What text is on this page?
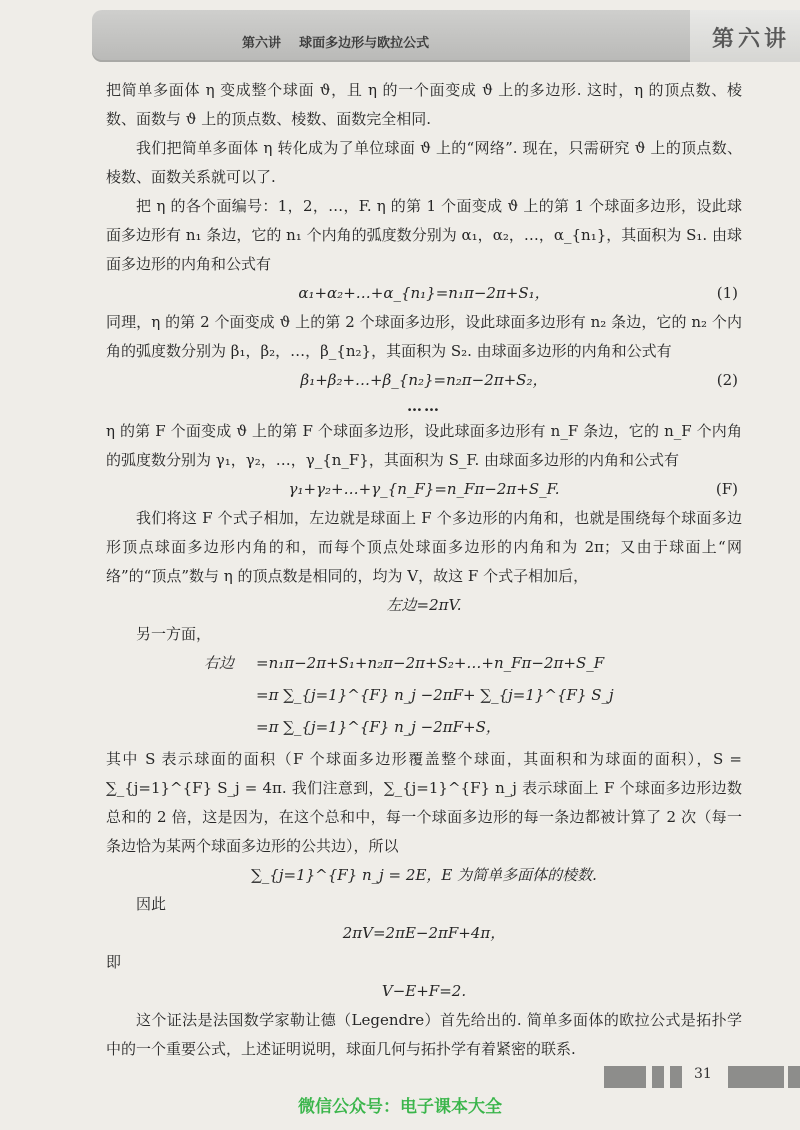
第六讲    球面多边形与欧拉公式	第六讲

把简单多面体 η 变成整个球面 ϑ，且 η 的一个面变成 ϑ 上的多边形. 这时，η 的顶点数、棱数、面数与 ϑ 上的顶点数、棱数、面数完全相同.

我们把简单多面体 η 转化成为了单位球面 ϑ 上的“网络”. 现在，只需研究 ϑ 上的顶点数、棱数、面数关系就可以了.

把 η 的各个面编号：1，2，…，F. η 的第 1 个面变成 ϑ 上的第 1 个球面多边形，设此球面多边形有 n₁ 条边，它的 n₁ 个内角的弧度数分别为 α₁，α₂，…，α_{n₁}，其面积为 S₁. 由球面多边形的内角和公式有

α₁+α₂+…+α_{n₁}=n₁π−2π+S₁，	(1)

同理，η 的第 2 个面变成 ϑ 上的第 2 个球面多边形，设此球面多边形有 n₂ 条边，它的 n₂ 个内角的弧度数分别为 β₁，β₂，…，β_{n₂}，其面积为 S₂. 由球面多边形的内角和公式有

β₁+β₂+…+β_{n₂}=n₂π−2π+S₂，	(2)
……

η 的第 F 个面变成 ϑ 上的第 F 个球面多边形，设此球面多边形有 n_F 条边，它的 n_F 个内角的弧度数分别为 γ₁，γ₂，…，γ_{n_F}，其面积为 S_F. 由球面多边形的内角和公式有

γ₁+γ₂+…+γ_{n_F}=n_Fπ−2π+S_F.	(F)

我们将这 F 个式子相加，左边就是球面上 F 个多边形的内角和，也就是围绕每个球面多边形顶点球面多边形内角的和，而每个顶点处球面多边形的内角和为 2π；又由于球面上“网络”的“顶点”数与 η 的顶点数是相同的，均为 V，故这 F 个式子相加后，

左边=2πV.

另一方面，

右边 =n₁π−2π+S₁+n₂π−2π+S₂+…+n_Fπ−2π+S_F
=π ∑_{j=1}^{F} n_j −2πF+ ∑_{j=1}^{F} S_j
=π ∑_{j=1}^{F} n_j −2πF+S，

其中 S 表示球面的面积（F 个球面多边形覆盖整个球面，其面积和为球面的面积），S = ∑_{j=1}^{F} S_j = 4π. 我们注意到，∑_{j=1}^{F} n_j 表示球面上 F 个球面多边形边数总和的 2 倍，这是因为，在这个总和中，每一个球面多边形的每一条边都被计算了 2 次（每一条边恰为某两个球面多边形的公共边），所以

∑_{j=1}^{F} n_j = 2E，E 为简单多面体的棱数.

因此

2πV=2πE−2πF+4π，

即

V−E+F=2.

这个证法是法国数学家勒让德（Legendre）首先给出的. 简单多面体的欧拉公式是拓扑学中的一个重要公式，上述证明说明，球面几何与拓扑学有着紧密的联系.

31
微信公众号：电子课本大全
